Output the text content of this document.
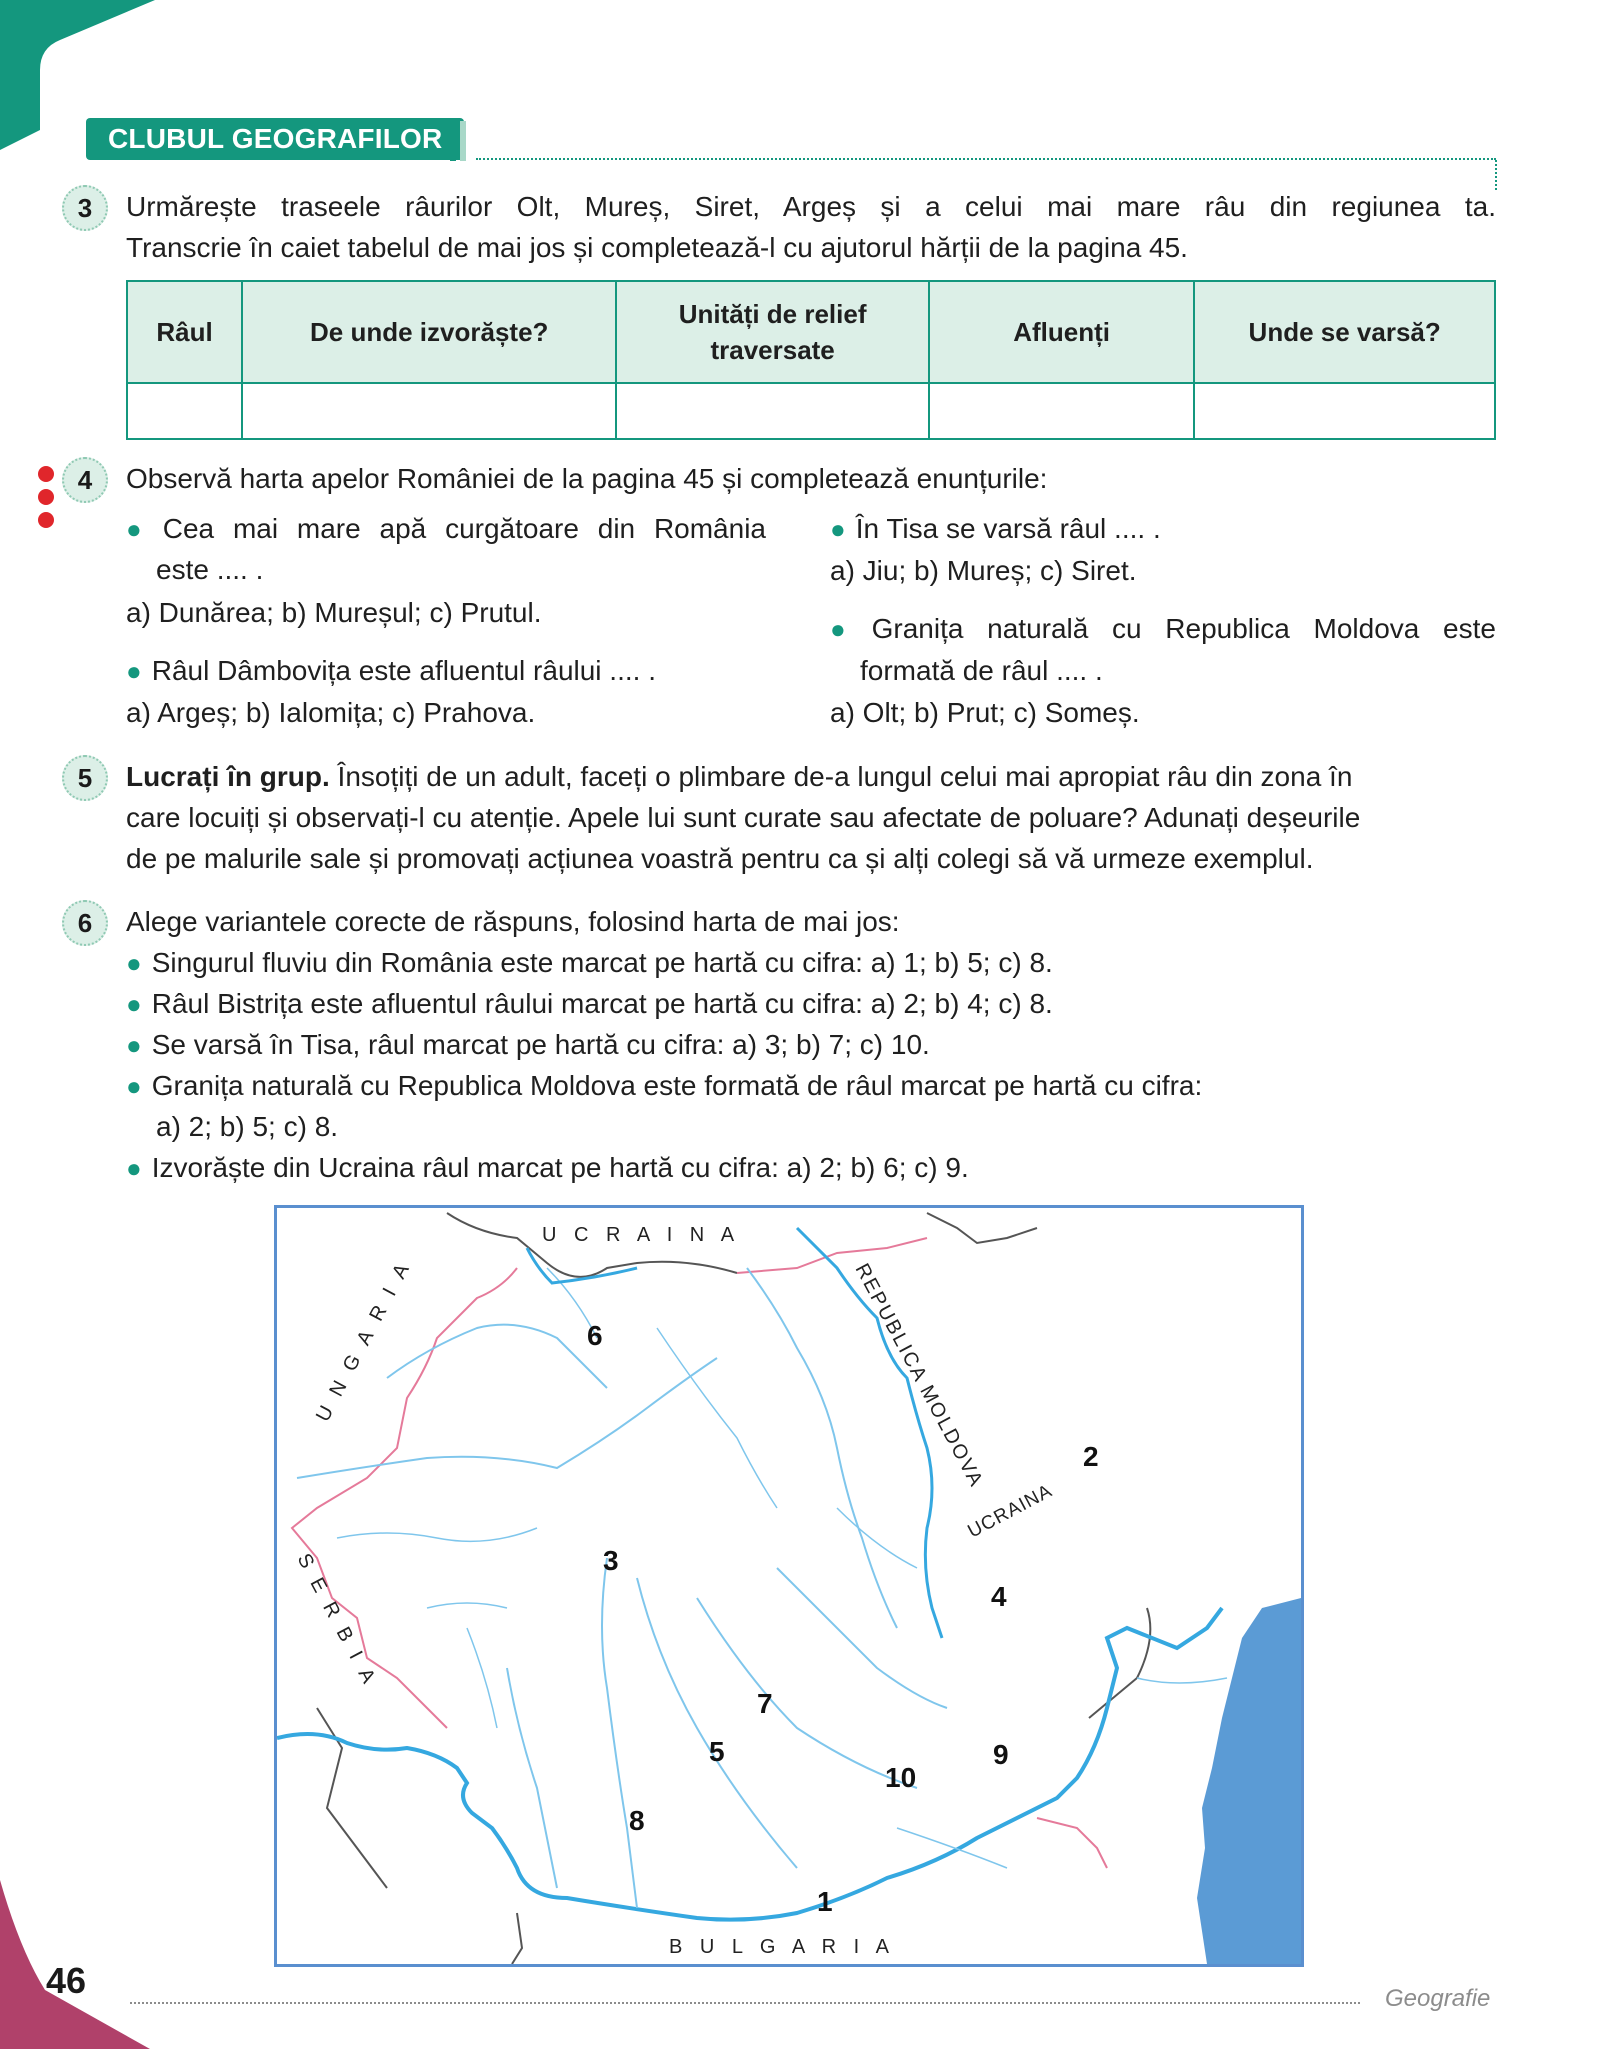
CLUBUL GEOGRAFILOR
3	Urmărește traseele râurilor Olt, Mureș, Siret, Argeș și a celui mai mare râu din regiunea ta.
Transcrie în caiet tabelul de mai jos și completează-l cu ajutorul hărții de la pagina 45.
Râul	De unde izvorăște?	Unități de relief traversate	Afluenți	Unde se varsă?

4	Observă harta apelor României de la pagina 45 și completează enunțurile:
● Cea mai mare apă curgătoare din România
este .... .
a) Dunărea; b) Mureșul; c) Prutul.
● Râul Dâmbovița este afluentul râului .... .
a) Argeș; b) Ialomița; c) Prahova.
● În Tisa se varsă râul .... .
a) Jiu; b) Mureș; c) Siret.
● Granița naturală cu Republica Moldova este
formată de râul .... .
a) Olt; b) Prut; c) Someș.
5	Lucrați în grup. Însoțiți de un adult, faceți o plimbare de-a lungul celui mai apropiat râu din zona în
care locuiți și observați-l cu atenție. Apele lui sunt curate sau afectate de poluare? Adunați deșeurile
de pe malurile sale și promovați acțiunea voastră pentru ca și alți colegi să vă urmeze exemplul.
6	Alege variantele corecte de răspuns, folosind harta de mai jos:
● Singurul fluviu din România este marcat pe hartă cu cifra: a) 1; b) 5; c) 8.
● Râul Bistrița este afluentul râului marcat pe hartă cu cifra: a) 2; b) 4; c) 8.
● Se varsă în Tisa, râul marcat pe hartă cu cifra: a) 3; b) 7; c) 10.
● Granița naturală cu Republica Moldova este formată de râul marcat pe hartă cu cifra:
a) 2; b) 5; c) 8.
● Izvorăște din Ucraina râul marcat pe hartă cu cifra: a) 2; b) 6; c) 9.
U C R A I N A
UNGARIA	REPUBLICA MOLDOVA
UCRAINA
SERBIA
B U L G A R I A
1
2
3
4
5
6
7
8
9
10
46	Geografie
